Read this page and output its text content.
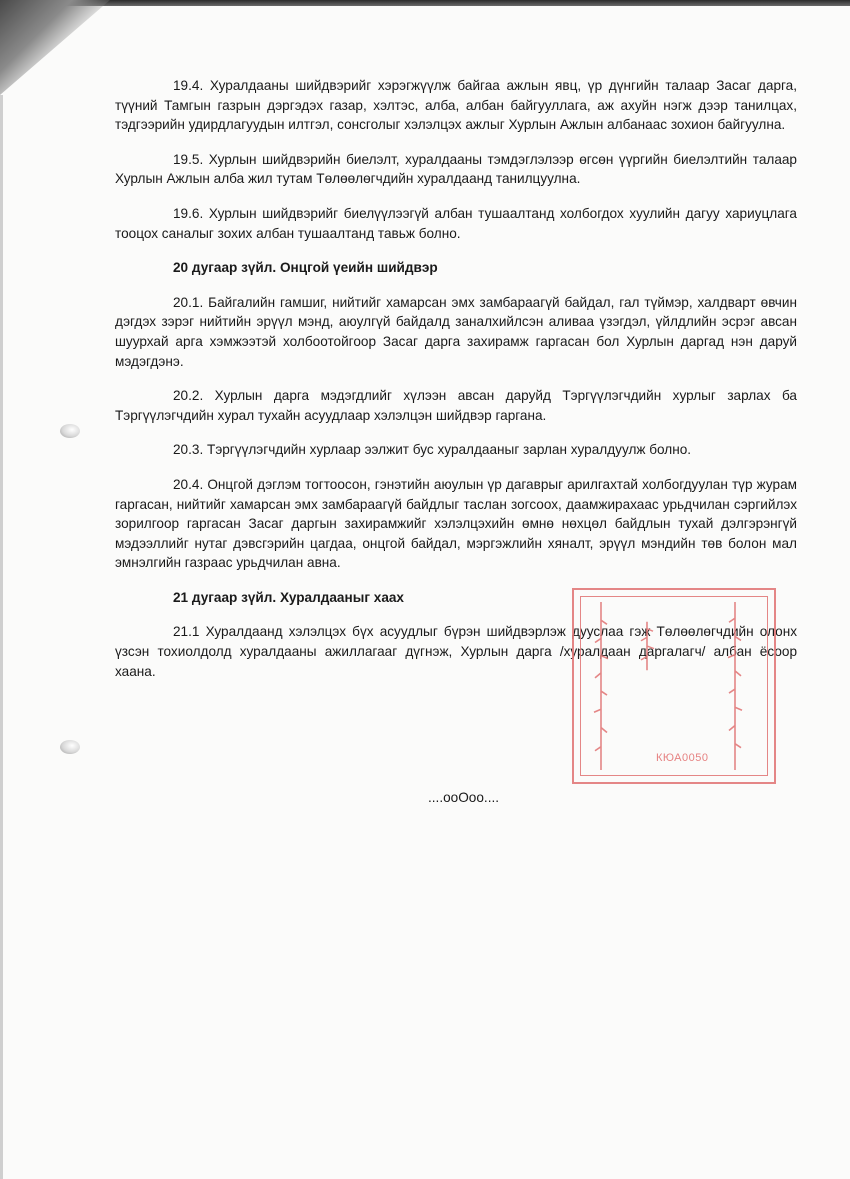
19.4. Хуралдааны шийдвэрийг хэрэгжүүлж байгаа ажлын явц, үр дүнгийн талаар Засаг дарга, түүний Тамгын газрын дэргэдэх газар, хэлтэс, алба, албан байгууллага, аж ахуйн нэгж дээр танилцах, тэдгээрийн удирдлагуудын илтгэл, сонсголыг хэлэлцэх ажлыг Хурлын Ажлын албанаас зохион байгуулна.

19.5. Хурлын шийдвэрийн биелэлт, хуралдааны тэмдэглэлээр өгсөн үүргийн биелэлтийн талаар Хурлын Ажлын алба жил тутам Төлөөлөгчдийн хуралдаанд танилцуулна.

19.6. Хурлын шийдвэрийг биелүүлээгүй албан тушаалтанд холбогдох хуулийн дагуу хариуцлага тооцох саналыг зохих албан тушаалтанд тавьж болно.

20 дугаар зүйл. Онцгой үеийн шийдвэр

20.1. Байгалийн гамшиг, нийтийг хамарсан эмх замбараагүй байдал, гал түймэр, халдварт өвчин дэгдэх зэрэг нийтийн эрүүл мэнд, аюулгүй байдалд заналхийлсэн аливаа үзэгдэл, үйлдлийн эсрэг авсан шуурхай арга хэмжээтэй холбоотойгоор Засаг дарга захирамж гаргасан бол Хурлын даргад нэн даруй мэдэгдэнэ.

20.2. Хурлын дарга мэдэгдлийг хүлээн авсан даруйд Тэргүүлэгчдийн хурлыг зарлах ба Тэргүүлэгчдийн хурал тухайн асуудлаар хэлэлцэн шийдвэр гаргана.

20.3. Тэргүүлэгчдийн хурлаар ээлжит бус хуралдааныг зарлан хуралдуулж болно.

20.4. Онцгой дэглэм тогтоосон, гэнэтийн аюулын үр дагаврыг арилгахтай холбогдуулан түр журам гаргасан, нийтийг хамарсан эмх замбараагүй байдлыг таслан зогсоох, даамжирахаас урьдчилан сэргийлэх зорилгоор гаргасан Засаг даргын захирамжийг хэлэлцэхийн өмнө нөхцөл байдлын тухай дэлгэрэнгүй мэдээллийг нутаг дэвсгэрийн цагдаа, онцгой байдал, мэргэжлийн хяналт, эрүүл мэндийн төв болон мал эмнэлгийн газраас урьдчилан авна.

21 дугаар зүйл. Хуралдааныг хаах

21.1 Хуралдаанд хэлэлцэх бүх асуудлыг бүрэн шийдвэрлэж дууслаа гэж Төлөөлөгчдийн олонх үзсэн тохиолдолд хуралдааны ажиллагааг дүгнэж, Хурлын дарга /хуралдаан даргалагч/ албан ёсоор хаана.

....ooOoo....
КЮА0050
